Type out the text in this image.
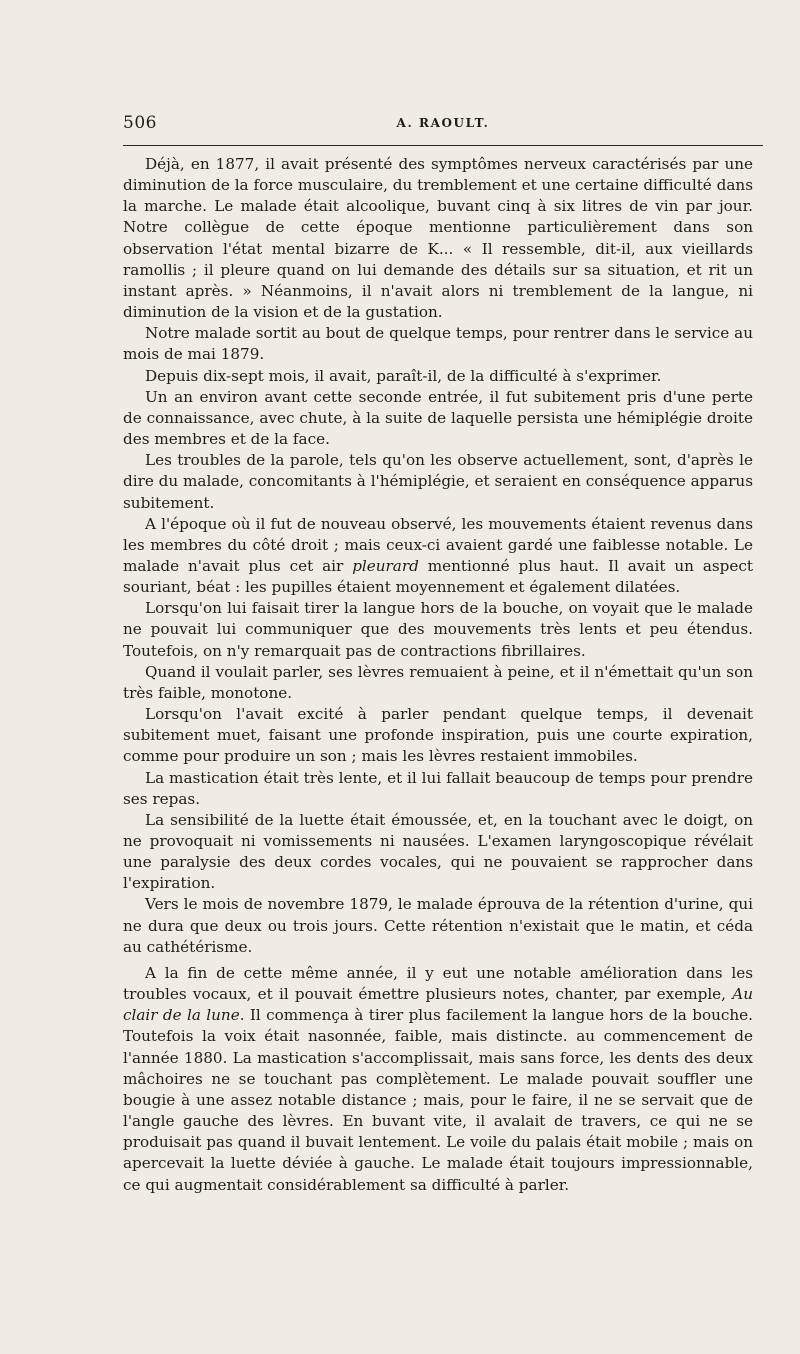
506	A. RAOULT.

Déjà, en 1877, il avait présenté des symptômes nerveux caractérisés par une diminution de la force musculaire, du tremblement et une certaine difficulté dans la marche. Le malade était alcoolique, buvant cinq à six litres de vin par jour. Notre collègue de cette époque mentionne particulièrement dans son observation l'état mental bizarre de K... « Il ressemble, dit-il, aux vieillards ramollis ; il pleure quand on lui demande des détails sur sa situation, et rit un instant après. » Néanmoins, il n'avait alors ni tremblement de la langue, ni diminution de la vision et de la gustation.

Notre malade sortit au bout de quelque temps, pour rentrer dans le service au mois de mai 1879.

Depuis dix-sept mois, il avait, paraît-il, de la difficulté à s'exprimer.

Un an environ avant cette seconde entrée, il fut subitement pris d'une perte de connaissance, avec chute, à la suite de laquelle persista une hémiplégie droite des membres et de la face.

Les troubles de la parole, tels qu'on les observe actuellement, sont, d'après le dire du malade, concomitants à l'hémiplégie, et seraient en conséquence apparus subitement.

A l'époque où il fut de nouveau observé, les mouvements étaient revenus dans les membres du côté droit ; mais ceux-ci avaient gardé une faiblesse notable. Le malade n'avait plus cet air pleurard mentionné plus haut. Il avait un aspect souriant, béat : les pupilles étaient moyennement et également dilatées.

Lorsqu'on lui faisait tirer la langue hors de la bouche, on voyait que le malade ne pouvait lui communiquer que des mouvements très lents et peu étendus. Toutefois, on n'y remarquait pas de contractions fibrillaires.

Quand il voulait parler, ses lèvres remuaient à peine, et il n'émettait qu'un son très faible, monotone.

Lorsqu'on l'avait excité à parler pendant quelque temps, il devenait subitement muet, faisant une profonde inspiration, puis une courte expiration, comme pour produire un son ; mais les lèvres restaient immobiles.

La mastication était très lente, et il lui fallait beaucoup de temps pour prendre ses repas.

La sensibilité de la luette était émoussée, et, en la touchant avec le doigt, on ne provoquait ni vomissements ni nausées. L'examen laryngoscopique révélait une paralysie des deux cordes vocales, qui ne pouvaient se rapprocher dans l'expiration.

Vers le mois de novembre 1879, le malade éprouva de la rétention d'urine, qui ne dura que deux ou trois jours. Cette rétention n'existait que le matin, et céda au cathétérisme.

A la fin de cette même année, il y eut une notable amélioration dans les troubles vocaux, et il pouvait émettre plusieurs notes, chanter, par exemple, Au clair de la lune. Il commença à tirer plus facilement la langue hors de la bouche. Toutefois la voix était nasonnée, faible, mais distincte. au commencement de l'année 1880. La mastication s'accomplissait, mais sans force, les dents des deux mâchoires ne se touchant pas complètement. Le malade pouvait souffler une bougie à une assez notable distance ; mais, pour le faire, il ne se servait que de l'angle gauche des lèvres. En buvant vite, il avalait de travers, ce qui ne se produisait pas quand il buvait lentement. Le voile du palais était mobile ; mais on apercevait la luette déviée à gauche. Le malade était toujours impressionnable, ce qui augmentait considérablement sa difficulté à parler.
